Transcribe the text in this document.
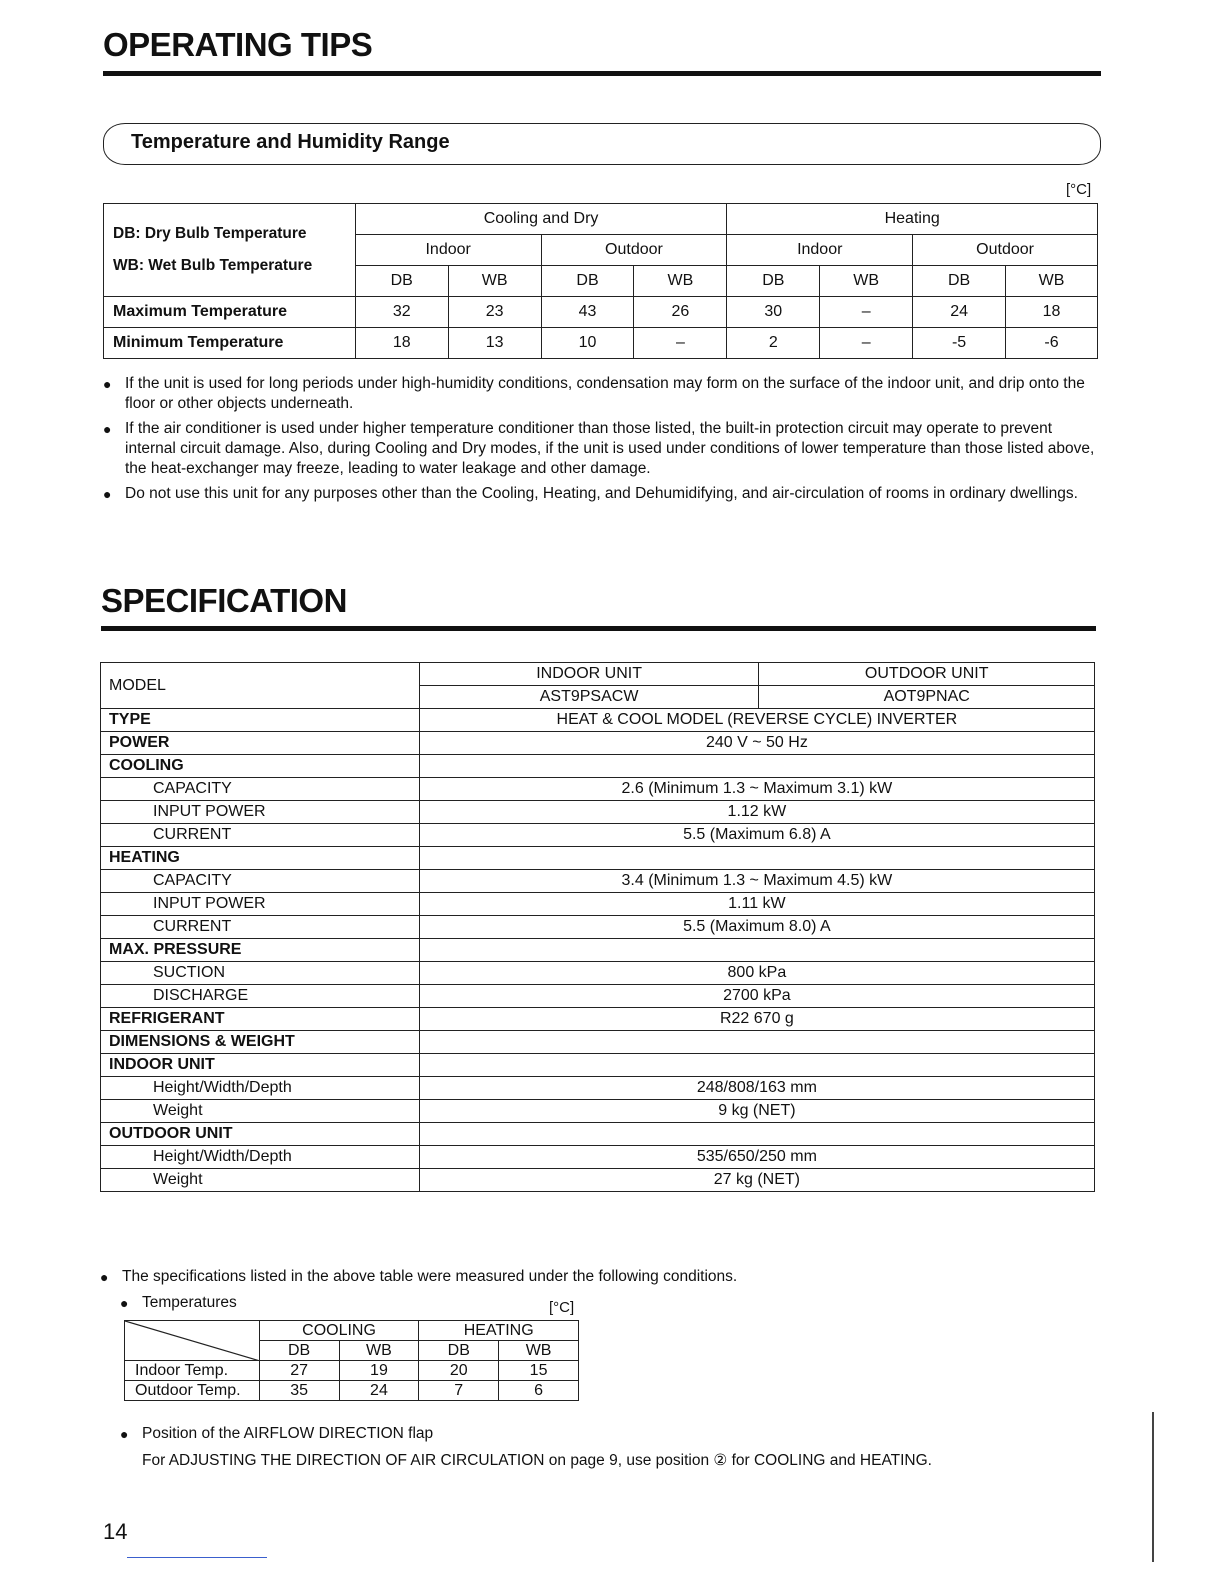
OPERATING TIPS
Temperature and Humidity Range
[°C]
DB: Dry Bulb Temperature
WB: Wet Bulb Temperature	Cooling and Dry				Heating			
	Indoor		Outdoor		Indoor		Outdoor	
	DB	WB	DB	WB	DB	WB	DB	WB
Maximum Temperature	32	23	43	26	30	–	24	18
Minimum Temperature	18	13	10	–	2	–	-5	-6
● If the unit is used for long periods under high-humidity conditions, condensation may form on the surface of the indoor unit, and drip onto the floor or other objects underneath.
● If the air conditioner is used under higher temperature conditioner than those listed, the built-in protection circuit may operate to prevent internal circuit damage. Also, during Cooling and Dry modes, if the unit is used under conditions of lower temperature than those listed above, the heat-exchanger may freeze, leading to water leakage and other damage.
● Do not use this unit for any purposes other than the Cooling, Heating, and Dehumidifying, and air-circulation of rooms in ordinary dwellings.
SPECIFICATION
MODEL	INDOOR UNIT	OUTDOOR UNIT
	AST9PSACW	AOT9PNAC
TYPE	HEAT & COOL MODEL (REVERSE CYCLE) INVERTER	
POWER	240 V ~ 50 Hz	
COOLING		
CAPACITY	2.6 (Minimum 1.3 ~ Maximum 3.1) kW	
INPUT POWER	1.12 kW	
CURRENT	5.5 (Maximum 6.8) A	
HEATING		
CAPACITY	3.4 (Minimum 1.3 ~ Maximum 4.5) kW	
INPUT POWER	1.11 kW	
CURRENT	5.5 (Maximum 8.0) A	
MAX. PRESSURE		
SUCTION	800 kPa	
DISCHARGE	2700 kPa	
REFRIGERANT	R22 670 g	
DIMENSIONS & WEIGHT		
INDOOR UNIT		
Height/Width/Depth	248/808/163 mm	
Weight	9 kg (NET)	
OUTDOOR UNIT		
Height/Width/Depth	535/650/250 mm	
Weight	27 kg (NET)	
● The specifications listed in the above table were measured under the following conditions.
● Temperatures	[°C]
	COOLING		HEATING	
	DB	WB	DB	WB
Indoor Temp.	27	19	20	15
Outdoor Temp.	35	24	7	6
● Position of the AIRFLOW DIRECTION flap
For ADJUSTING THE DIRECTION OF AIR CIRCULATION on page 9, use position ② for COOLING and HEATING.
14
